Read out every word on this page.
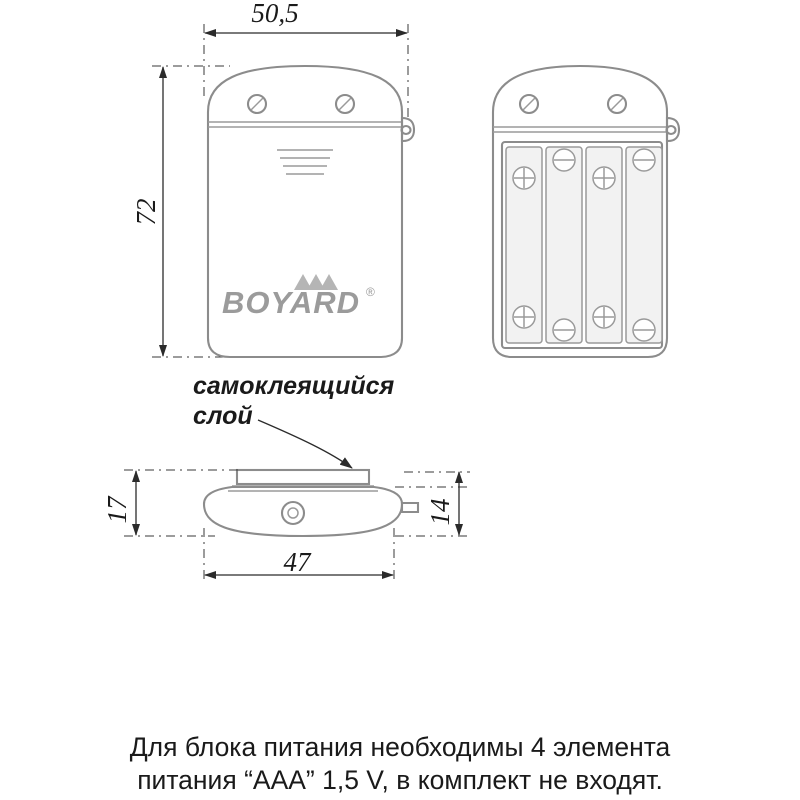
BOYARD ®
50,5
72
17	14
47
самоклеящийся
слой
Для блока питания необходимы 4 элемента
питания “AAA” 1,5 V, в комплект не входят.
